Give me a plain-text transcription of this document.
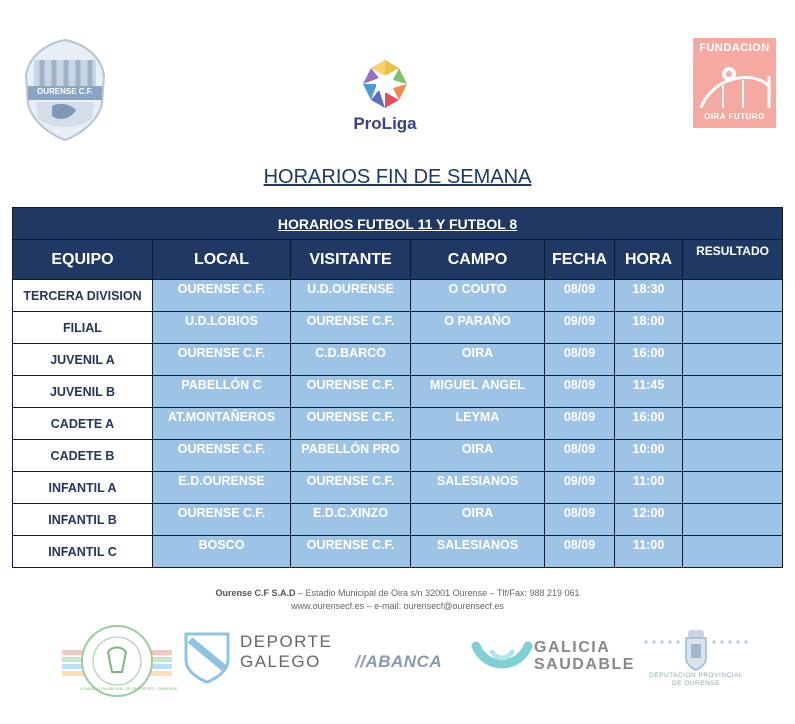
OURENSE C.F.
ProLiga
FUNDACION
OIRA FUTURO
HORARIOS FIN DE SEMANA
HORARIOS FUTBOL 11 Y FUTBOL 8						
EQUIPO	LOCAL	VISITANTE	CAMPO	FECHA	HORA	RESULTADO
TERCERA DIVISION	OURENSE C.F.	U.D.OURENSE	O COUTO	08/09	18:30	
FILIAL	U.D.LOBIOS	OURENSE C.F.	O PARAÑO	09/09	18:00	
JUVENIL A	OURENSE C.F.	C.D.BARCO	OIRA	08/09	16:00	
JUVENIL B	PABELLÓN C	OURENSE C.F.	MIGUEL ANGEL	08/09	11:45	
CADETE A	AT.MONTAÑEROS	OURENSE C.F.	LEYMA	08/09	16:00	
CADETE B	OURENSE C.F.	PABELLÓN PRO	OIRA	08/09	10:00	
INFANTIL A	E.D.OURENSE	OURENSE C.F.	SALESIANOS	09/09	11:00	
INFANTIL B	OURENSE C.F.	E.D.C.XINZO	OIRA	08/09	12:00	
INFANTIL C	BOSCO	OURENSE C.F.	SALESIANOS	08/09	11:00	
Ourense C.F S.A.D – Estadio Municipal de Oira s/n 32001 Ourense – Tlf/Fax: 988 219 061
www.ourensecf.es – e-mail: ourensecf@ourensecf.es
CONSELLO MUNICIPAL DE DEPORTES · OURENSE
DEPORTE
GALEGO	//ABANCA
GALICIA
SAUDABLE
DEPUTACIÓN PROVINCIAL
DE OURENSE
